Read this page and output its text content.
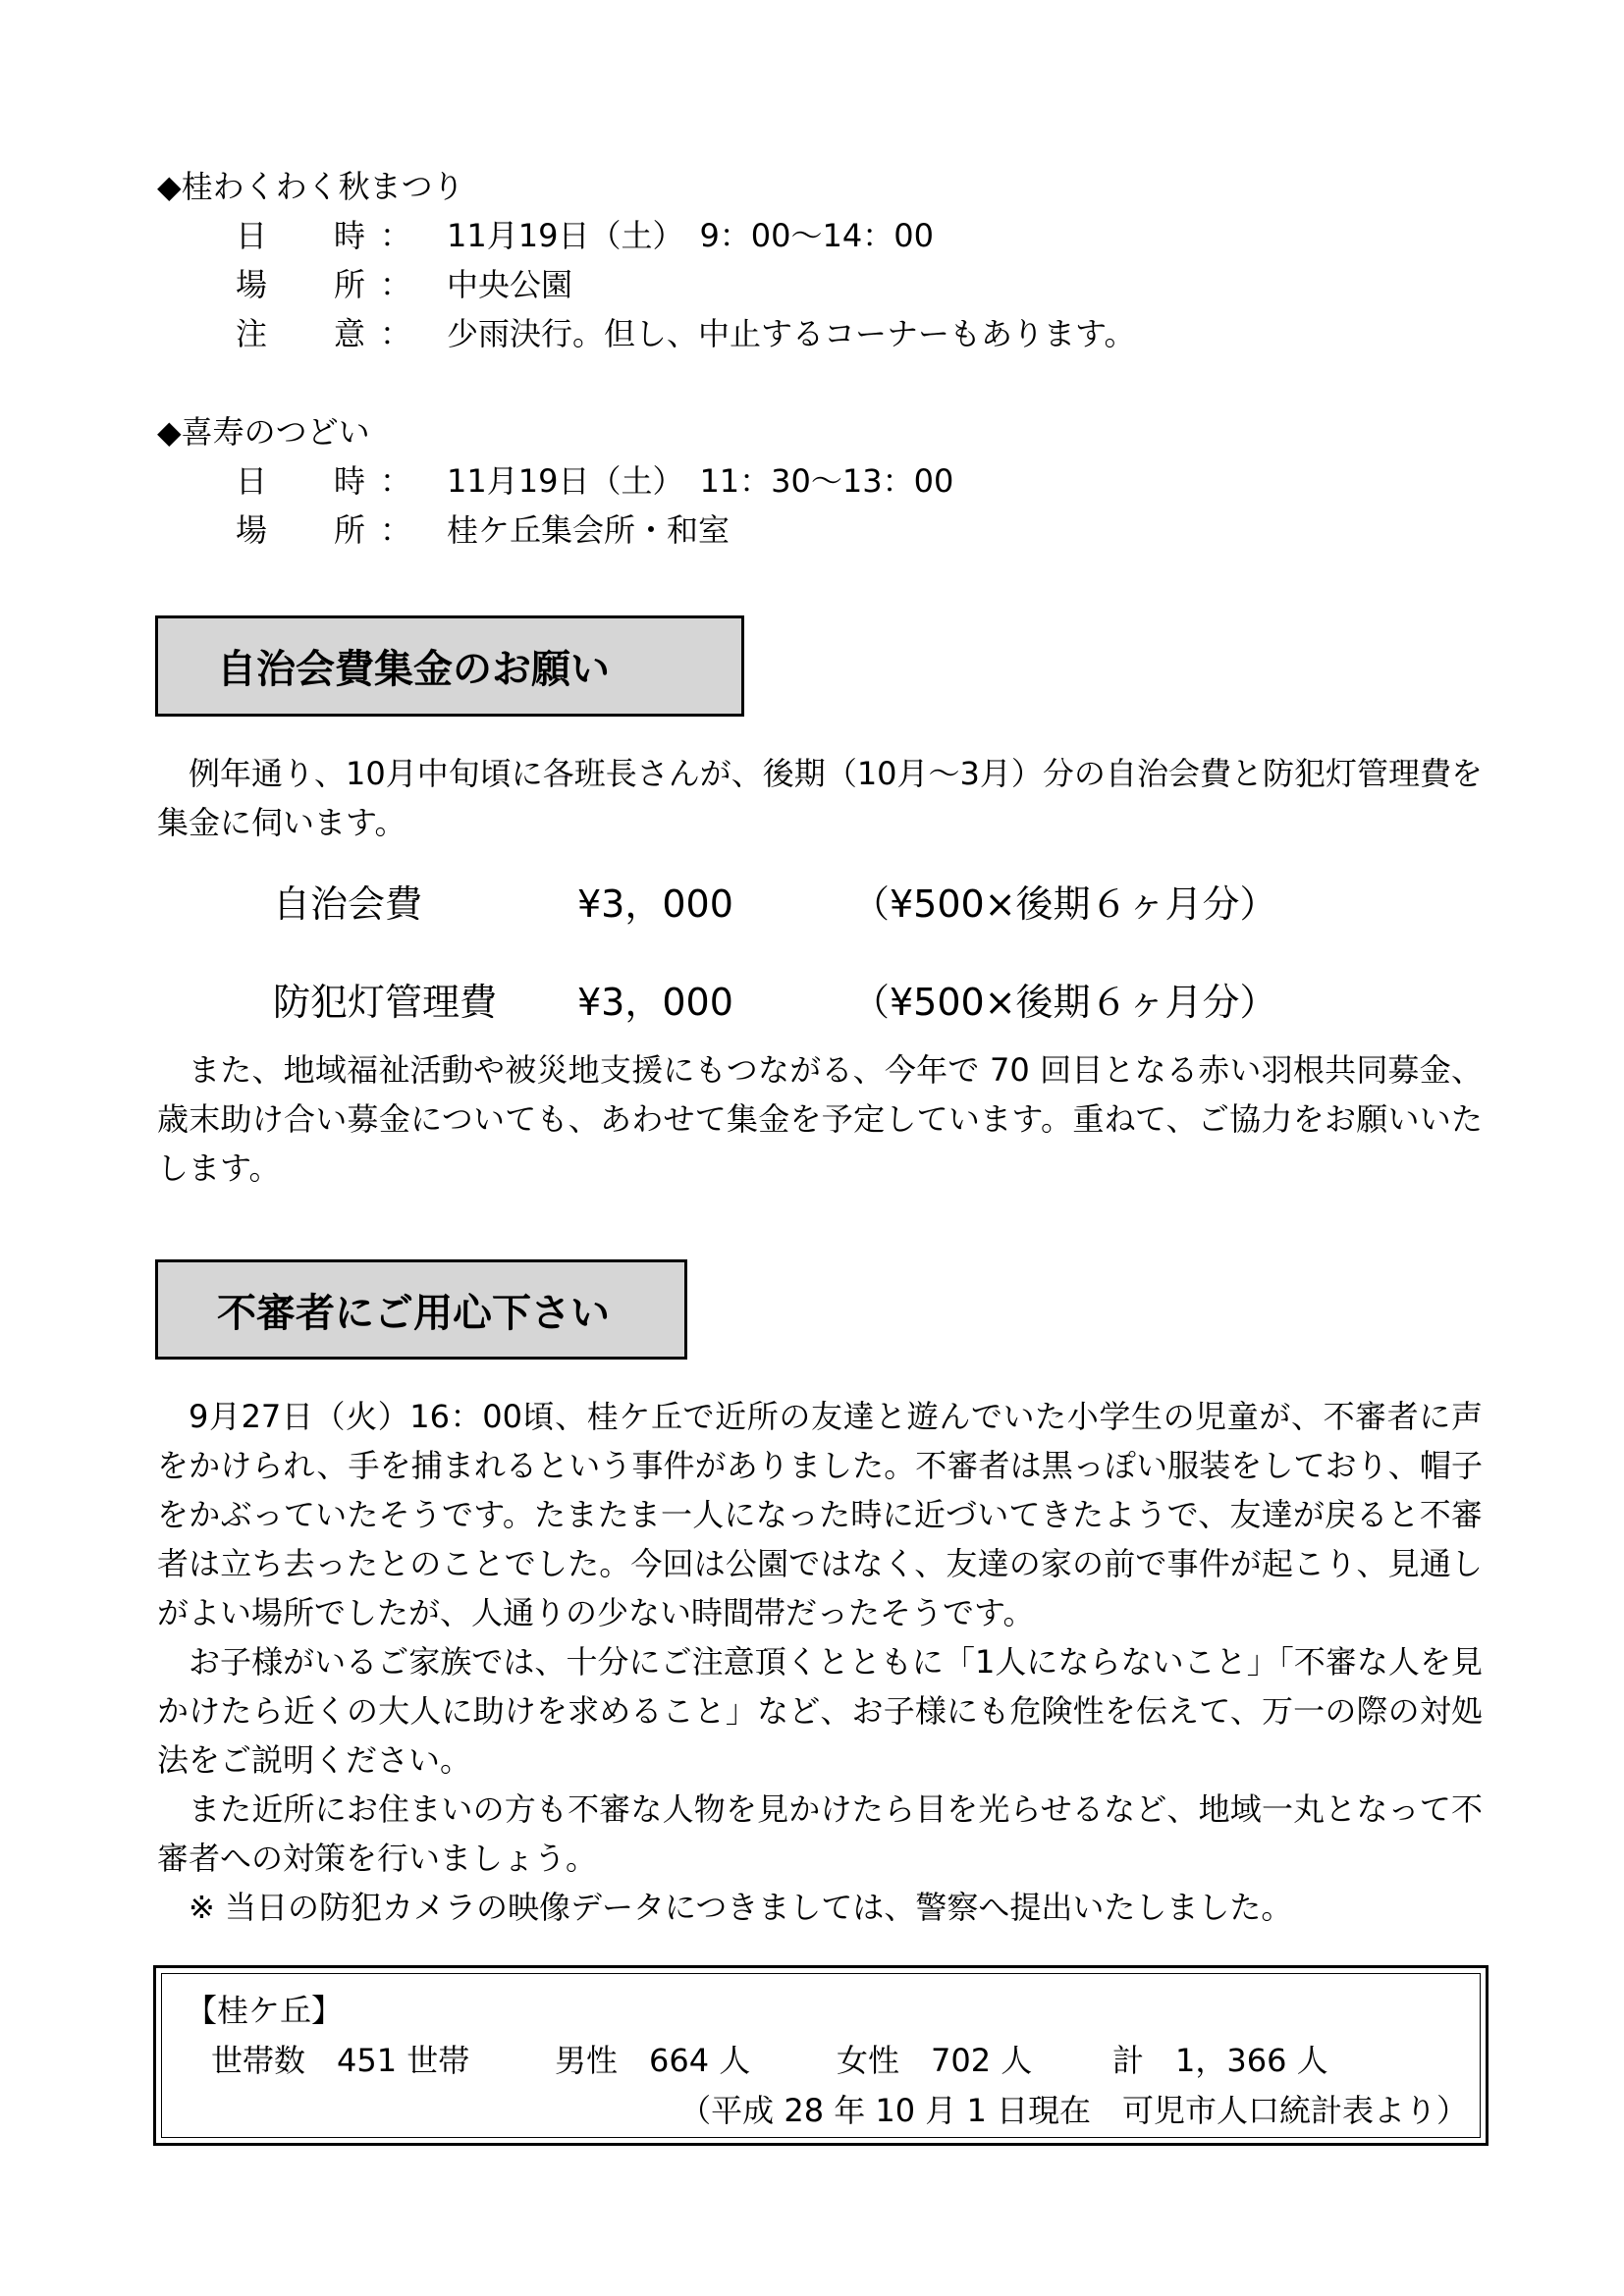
◆桂わくわく秋まつり
日 時 ： 11月19日（土）　9：00～14：00
場 所 ： 中央公園
注 意 ： 少雨決行。但し、中止するコーナーもあります。
◆喜寿のつどい
日 時 ： 11月19日（土）　11：30～13：00
場 所 ： 桂ケ丘集会所・和室
自治会費集金のお願い

例年通り、10月中旬頃に各班長さんが、後期（10月～3月）分の自治会費と防犯灯管理費を集金に伺います。

自治会費	¥3，000	（¥500×後期６ヶ月分）
防犯灯管理費 ¥3，000	（¥500×後期６ヶ月分）

また、地域福祉活動や被災地支援にもつながる、今年で 70 回目となる赤い羽根共同募金、歳末助け合い募金についても、あわせて集金を予定しています。重ねて、ご協力をお願いいたします。

不審者にご用心下さい

9月27日（火）16：00頃、桂ケ丘で近所の友達と遊んでいた小学生の児童が、不審者に声をかけられ、手を捕まれるという事件がありました。不審者は黒っぽい服装をしており、帽子をかぶっていたそうです。たまたま一人になった時に近づいてきたようで、友達が戻ると不審者は立ち去ったとのことでした。今回は公園ではなく、友達の家の前で事件が起こり、見通しがよい場所でしたが、人通りの少ない時間帯だったそうです。

お子様がいるご家族では、十分にご注意頂くとともに「1人にならないこと」「不審な人を見かけたら近くの大人に助けを求めること」など、お子様にも危険性を伝えて、万一の際の対処法をご説明ください。

また近所にお住まいの方も不審な人物を見かけたら目を光らせるなど、地域一丸となって不審者への対策を行いましょう。

※ 当日の防犯カメラの映像データにつきましては、警察へ提出いたしました。

【桂ケ丘】
世帯数　451 世帯	男性　664 人	女性　702 人	計　1，366 人
（平成 28 年 10 月 1 日現在　可児市人口統計表より）
